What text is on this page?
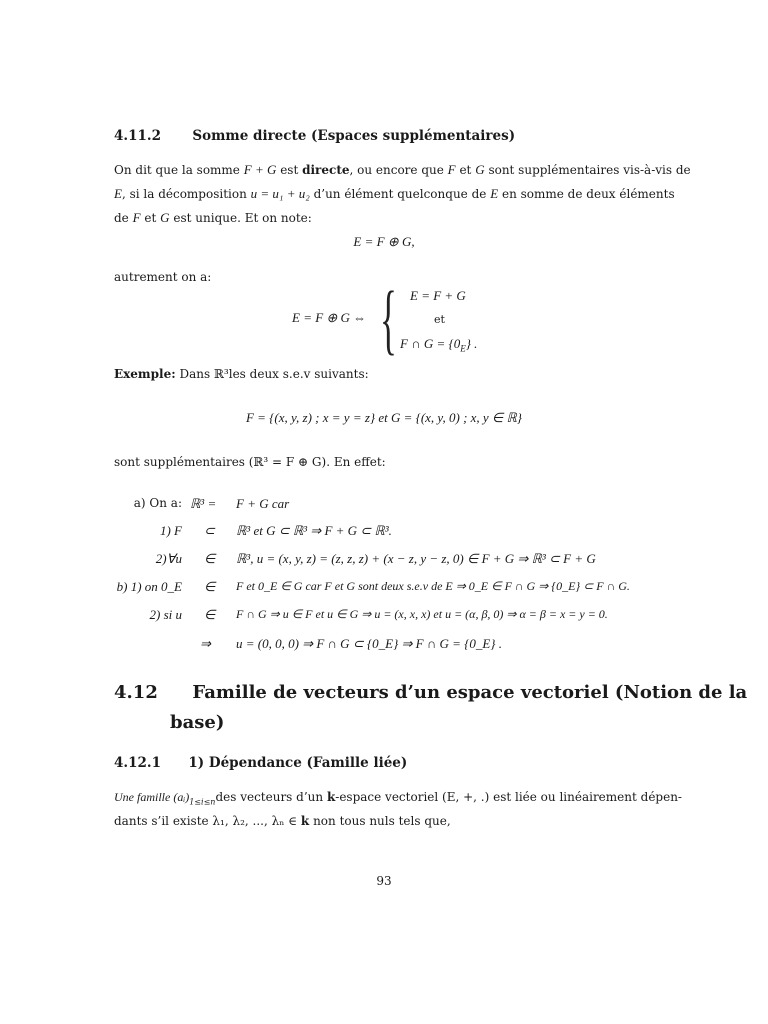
4.11.2 Somme directe (Espaces supplémentaires)
On dit que la somme F + G est directe, ou encore que F et G sont supplémentaires vis-à-vis de
E, si la décomposition u = u₁ + u₂ d’un élément quelconque de E en somme de deux éléments
de F et G est unique. Et on note:
E = F ⊕ G,
autrement on a:
E = F ⊕ G ⇔ { E = F + G
et
F ∩ $G = \{0_E\}$ .
Exemple: Dans ℝ³les deux s.e.v suivants:
F = {(x, y, z) ; x = y = z} et G = {(x, y, 0) ; x, y ∈ ℝ}
sont supplémentaires (ℝ³ = F ⊕ G). En effet:
a) On a: ℝ³ = F + G car
1) F ⊂ ℝ³ et G ⊂ ℝ³ ⇒ F + G ⊂ ℝ³.
2)∀u ∈ ℝ³, u = (x, y, z) = (z, z, z) + (x − z, y − z, 0) ∈ F + G ⇒ ℝ³ ⊂ F + G
b) 1) on 0_E ∈ F et 0_E ∈ G car F et G sont deux s.e.v de E ⇒ 0_E ∈ F ∩ G ⇒ {0_E} ⊂ F ∩ G.
2) si u ∈ F ∩ G ⇒ u ∈ F et u ∈ G ⇒ u = (x, x, x) et u = (α, β, 0) ⇒ α = β = x = y = 0.
⇒ u = (0, 0, 0) ⇒ F ∩ G ⊂ {0_E} ⇒ F ∩ G = {0_E} .
4.12 Famille de vecteurs d’un espace vectoriel (Notion de la
base)
4.12.1 1) Dépendance (Famille liée)
Une famille $(aᵢ)_{1\le i\le n}des$ vecteurs d’un k-espace vectoriel (E, +, .) est liée ou linéairement dépen-
dants s’il existe λ₁, λ₂, ..., λₙ ∈ k non tous nuls tels que,
93
